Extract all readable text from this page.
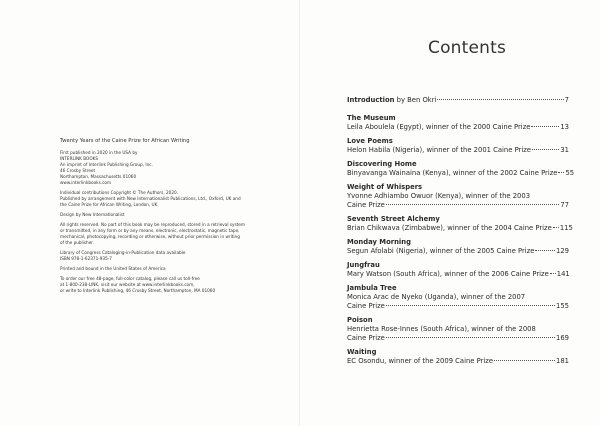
Twenty Years of the Caine Prize for African Writing

First published in 2020 in the USA by
INTERLINK BOOKS
An imprint of Interlink Publishing Group, Inc.
46 Crosby Street
Northampton, Massachusetts 01060
www.interlinkbooks.com

Individual contributions Copyright © The Authors, 2020.
Published by arrangement with New Internationalist Publications, Ltd., Oxford, UK and
the Caine Prize for African Writing, London, UK

Design by New Internationalist

All rights reserved. No part of this book may be reproduced, stored in a retrieval system
or transmitted, in any form or by any means, electronic, electrostatic, magnetic tape,
mechanical, photocopying, recording or otherwise, without prior permission in writing
of the publisher.

Library of Congress Cataloging-in-Publication data available
ISBN 978-1-62371-935-7

Printed and bound in the United States of America

To order our free 48-page, full-color catalog, please call us toll-free
at 1-800-238-LINK, visit our website at www.interlinkbooks.com,
or write to Interlink Publishing, 46 Crosby Street, Northampton, MA 01060

Contents
Introduction by Ben Okri	7
The Museum
Leila Aboulela (Egypt), winner of the 2000 Caine Prize	13
Love Poems
Helon Habila (Nigeria), winner of the 2001 Caine Prize	31
Discovering Home
Binyavanga Wainaina (Kenya), winner of the 2002 Caine Prize 55
Weight of Whispers
Yvonne Adhiambo Owuor (Kenya), winner of the 2003
Caine Prize	77
Seventh Street Alchemy
Brian Chikwava (Zimbabwe), winner of the 2004 Caine Prize 115
Monday Morning
Segun Afolabi (Nigeria), winner of the 2005 Caine Prize	129
Jungfrau
Mary Watson (South Africa), winner of the 2006 Caine Prize 141
Jambula Tree
Monica Arac de Nyeko (Uganda), winner of the 2007
Caine Prize	155
Poison
Henrietta Rose-Innes (South Africa), winner of the 2008
Caine Prize	169
Waiting
EC Osondu, winner of the 2009 Caine Prize	181
